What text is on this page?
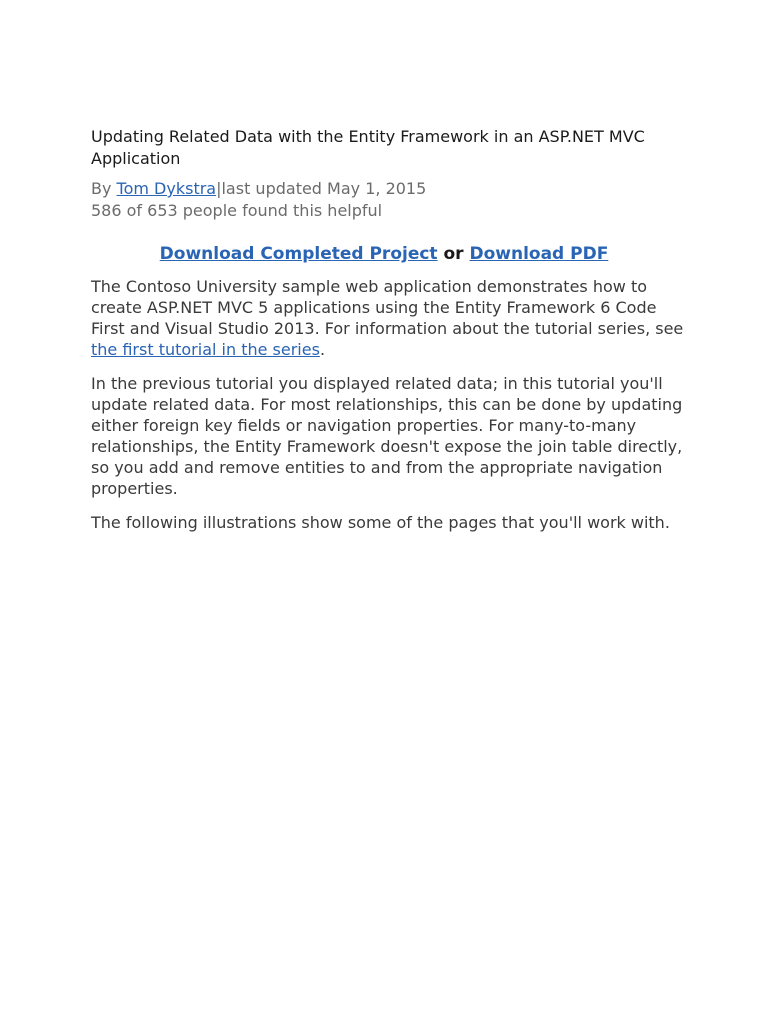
Updating Related Data with the Entity Framework in an ASP.NET MVC Application
By Tom Dykstra|last updated May 1, 2015
586 of 653 people found this helpful
Download Completed Project or Download PDF

The Contoso University sample web application demonstrates how to create ASP.NET MVC 5 applications using the Entity Framework 6 Code First and Visual Studio 2013. For information about the tutorial series, see the first tutorial in the series.

In the previous tutorial you displayed related data; in this tutorial you'll update related data. For most relationships, this can be done by updating either foreign key fields or navigation properties. For many-to-many relationships, the Entity Framework doesn't expose the join table directly, so you add and remove entities to and from the appropriate navigation properties.

The following illustrations show some of the pages that you'll work with.
